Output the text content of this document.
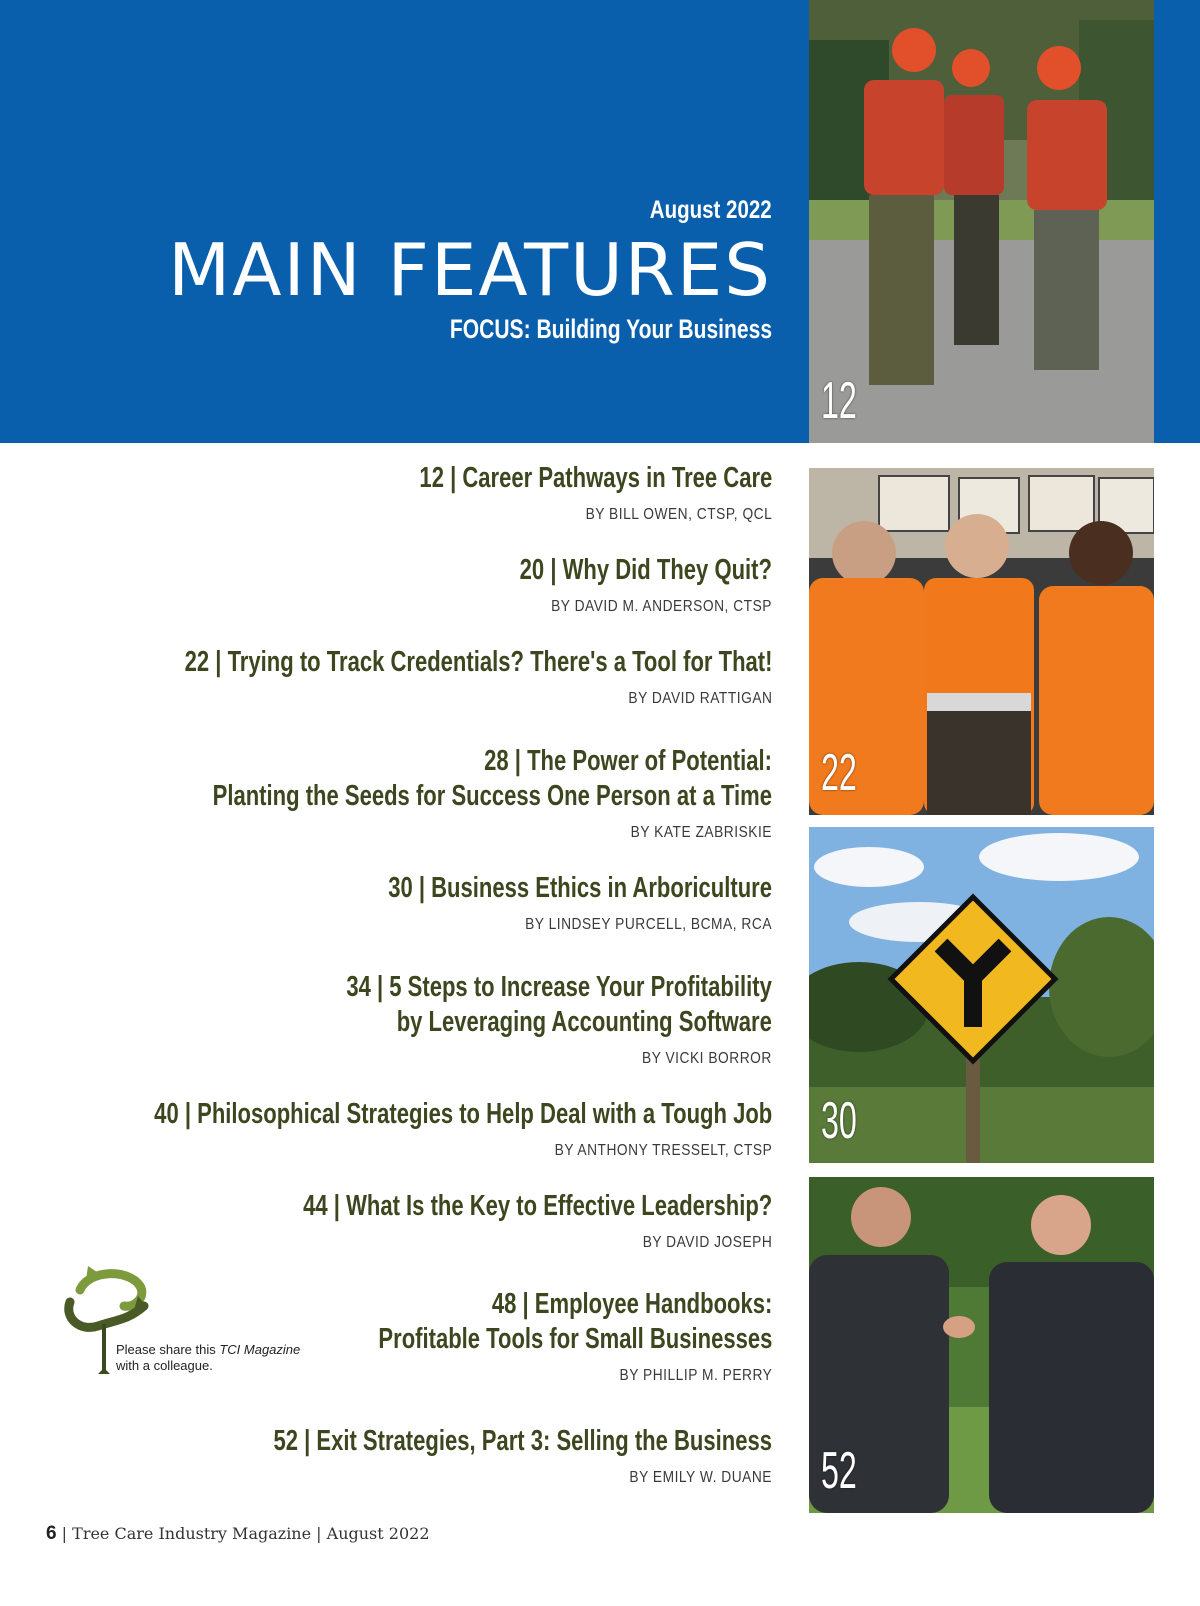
August 2022
MAIN FEATURES
FOCUS: Building Your Business
12
22
30
52
12 | Career Pathways in Tree Care
BY BILL OWEN, CTSP, QCL
20 | Why Did They Quit?
BY DAVID M. ANDERSON, CTSP
22 | Trying to Track Credentials? There's a Tool for That!
BY DAVID RATTIGAN
28 | The Power of Potential:
Planting the Seeds for Success One Person at a Time
BY KATE ZABRISKIE
30 | Business Ethics in Arboriculture
BY LINDSEY PURCELL, BCMA, RCA
34 | 5 Steps to Increase Your Profitability
by Leveraging Accounting Software
BY VICKI BORROR
40 | Philosophical Strategies to Help Deal with a Tough Job
BY ANTHONY TRESSELT, CTSP
44 | What Is the Key to Effective Leadership?
BY DAVID JOSEPH
48 | Employee Handbooks:
Profitable Tools for Small Businesses
BY PHILLIP M. PERRY
52 | Exit Strategies, Part 3: Selling the Business
BY EMILY W. DUANE
Please share this TCI Magazine
with a colleague.
6 | Tree Care Industry Magazine | August 2022
